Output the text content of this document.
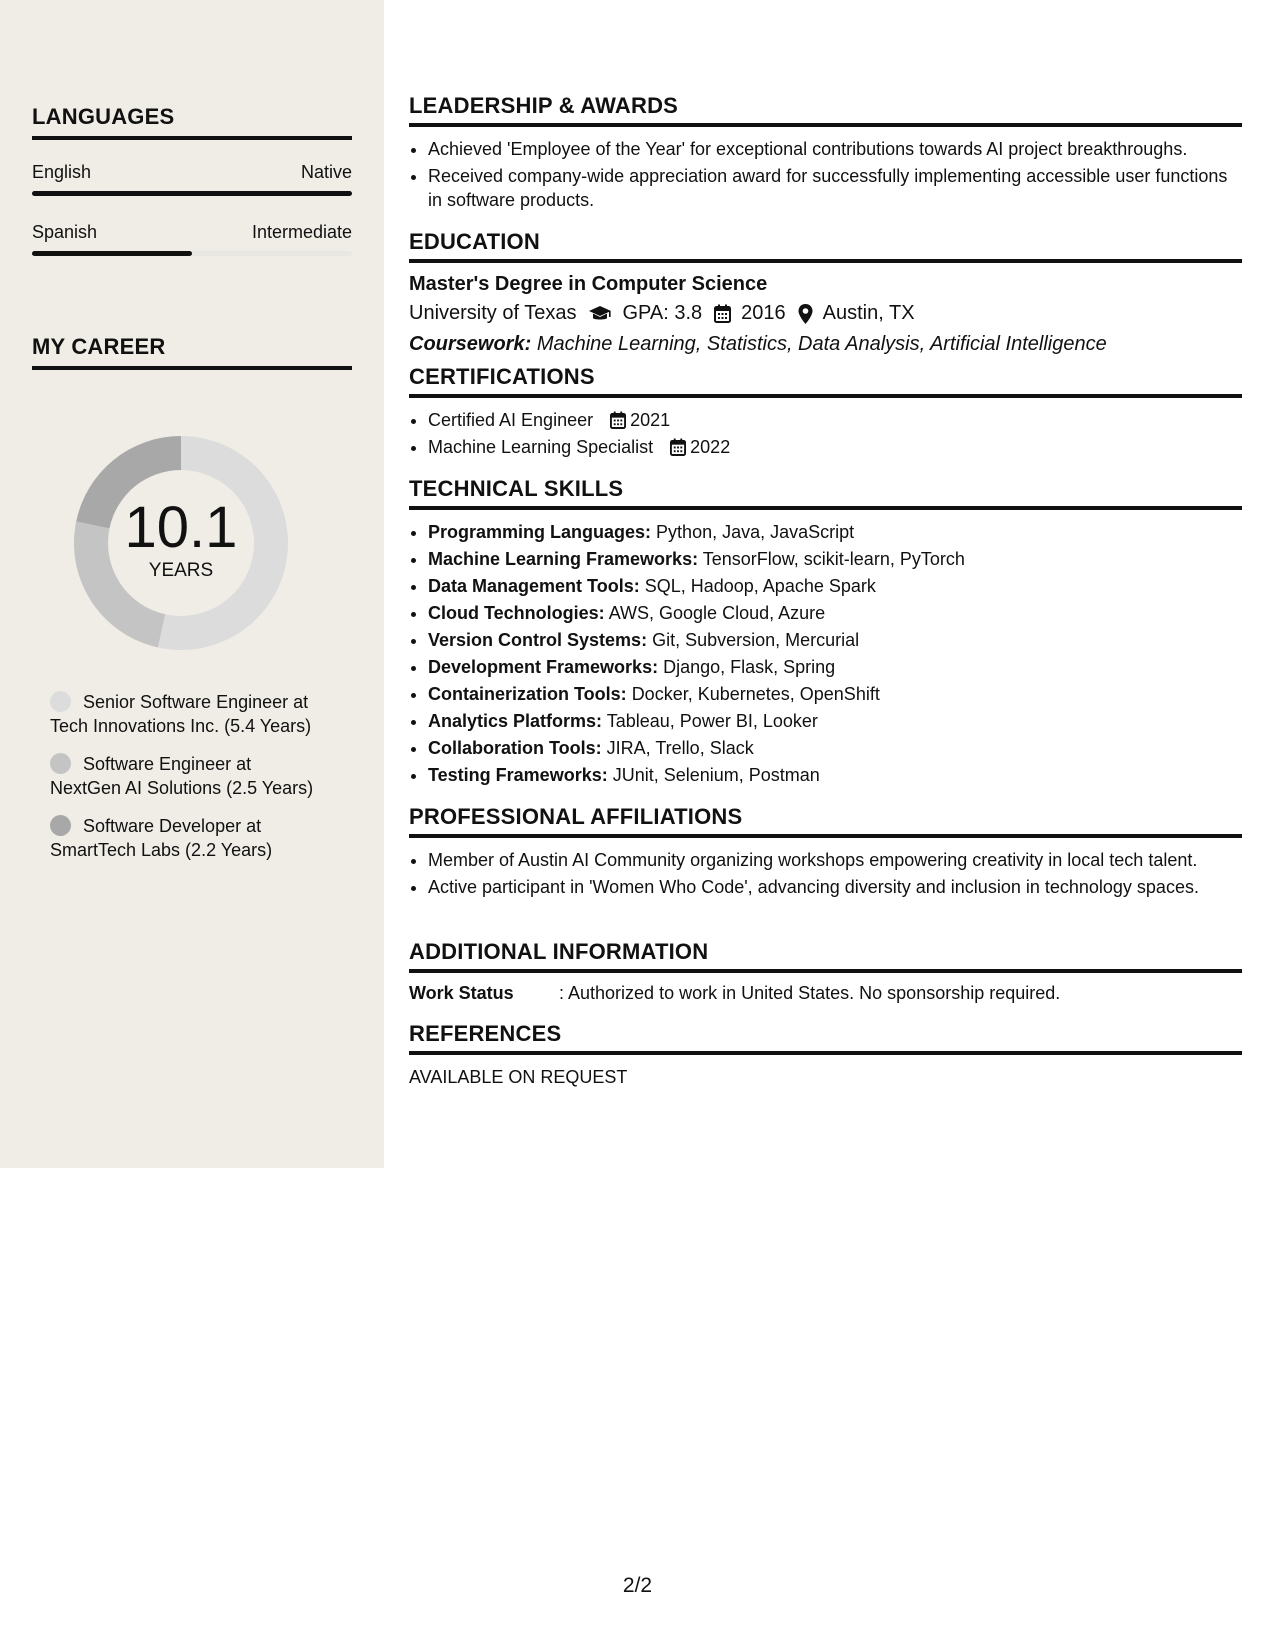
LANGUAGES
English	Native
Spanish	Intermediate
MY CAREER
10.1
YEARS
Senior Software Engineer at
Tech Innovations Inc. (5.4 Years)
Software Engineer at
NextGen AI Solutions (2.5 Years)
Software Developer at
SmartTech Labs (2.2 Years)
LEADERSHIP & AWARDS
• Achieved 'Employee of the Year' for exceptional contributions towards AI project breakthroughs.
• Received company-wide appreciation award for successfully implementing accessible user functions in software products.
EDUCATION
Master's Degree in Computer Science
University of Texas GPA: 3.8 2016 Austin, TX
Coursework: Machine Learning, Statistics, Data Analysis, Artificial Intelligence
CERTIFICATIONS
• Certified AI Engineer 2021
• Machine Learning Specialist 2022
TECHNICAL SKILLS
• Programming Languages: Python, Java, JavaScript
• Machine Learning Frameworks: TensorFlow, scikit-learn, PyTorch
• Data Management Tools: SQL, Hadoop, Apache Spark
• Cloud Technologies: AWS, Google Cloud, Azure
• Version Control Systems: Git, Subversion, Mercurial
• Development Frameworks: Django, Flask, Spring
• Containerization Tools: Docker, Kubernetes, OpenShift
• Analytics Platforms: Tableau, Power BI, Looker
• Collaboration Tools: JIRA, Trello, Slack
• Testing Frameworks: JUnit, Selenium, Postman
PROFESSIONAL AFFILIATIONS
• Member of Austin AI Community organizing workshops empowering creativity in local tech talent.
• Active participant in 'Women Who Code', advancing diversity and inclusion in technology spaces.
ADDITIONAL INFORMATION
Work Status	: Authorized to work in United States. No sponsorship required.
REFERENCES
AVAILABLE ON REQUEST
2/2
